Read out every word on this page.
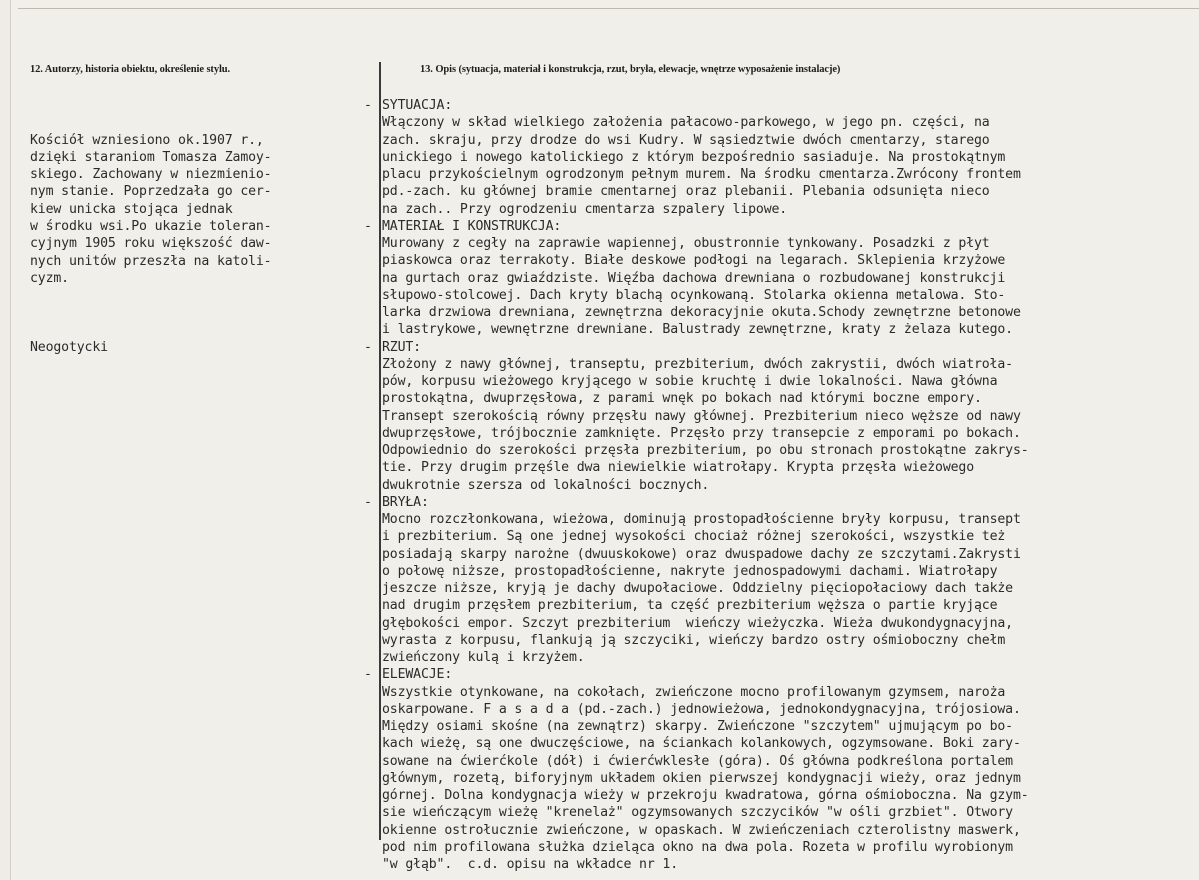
12. Autorzy, historia obiektu, określenie stylu.	13. Opis (sytuacja, materiał i konstrukcja, rzut, bryła, elewacje, wnętrze wyposażenie instalacje)

Kościół wzniesiono ok.1907 r.,
dzięki staraniom Tomasza Zamoy-
skiego. Zachowany w niezmienio-
nym stanie. Poprzedzała go cer-
kiew unicka stojąca jednak
w środku wsi.Po ukazie toleran-
cyjnym 1905 roku większość daw-
nych unitów przeszła na katoli-
cyzm.

Neogotycki

- SYTUACJA:
Włączony w skład wielkiego założenia pałacowo-parkowego, w jego pn. części, na
zach. skraju, przy drodze do wsi Kudry. W sąsiedztwie dwóch cmentarzy, starego
unickiego i nowego katolickiego z którym bezpośrednio sasiaduje. Na prostokątnym
placu przykościelnym ogrodzonym pełnym murem. Na środku cmentarza.Zwrócony frontem
pd.-zach. ku głównej bramie cmentarnej oraz plebanii. Plebania odsunięta nieco
na zach.. Przy ogrodzeniu cmentarza szpalery lipowe.
- MATERIAŁ I KONSTRUKCJA:
Murowany z cegły na zaprawie wapiennej, obustronnie tynkowany. Posadzki z płyt
piaskowca oraz terrakoty. Białe deskowe podłogi na legarach. Sklepienia krzyżowe
na gurtach oraz gwiaździste. Więźba dachowa drewniana o rozbudowanej konstrukcji
słupowo-stolcowej. Dach kryty blachą ocynkowaną. Stolarka okienna metalowa. Sto-
larka drzwiowa drewniana, zewnętrzna dekoracyjnie okuta.Schody zewnętrzne betonowe
i lastrykowe, wewnętrzne drewniane. Balustrady zewnętrzne, kraty z żelaza kutego.
- RZUT:
Złożony z nawy głównej, transeptu, prezbiterium, dwóch zakrystii, dwóch wiatroła-
pów, korpusu wieżowego kryjącego w sobie kruchtę i dwie lokalności. Nawa główna
prostokątna, dwuprzęsłowa, z parami wnęk po bokach nad którymi boczne empory.
Transept szerokością równy przęsłu nawy głównej. Prezbiterium nieco węższe od nawy
dwuprzęsłowe, trójbocznie zamknięte. Przęsło przy transepcie z emporami po bokach.
Odpowiednio do szerokości przęsła prezbiterium, po obu stronach prostokątne zakrys-
tie. Przy drugim przęśle dwa niewielkie wiatrołapy. Krypta przęsła wieżowego
dwukrotnie szersza od lokalności bocznych.
- BRYŁA:
Mocno rozczłonkowana, wieżowa, dominują prostopadłościenne bryły korpusu, transept
i prezbiterium. Są one jednej wysokości chociaż różnej szerokości, wszystkie też
posiadają skarpy narożne (dwuuskokowe) oraz dwuspadowe dachy ze szczytami.Zakrysti
o połowę niższe, prostopadłościenne, nakryte jednospadowymi dachami. Wiatrołapy
jeszcze niższe, kryją je dachy dwupołaciowe. Oddzielny pięciopołaciowy dach także
nad drugim przęsłem prezbiterium, ta część prezbiterium węższa o partie kryjące
głębokości empor. Szczyt prezbiterium  wieńczy wieżyczka. Wieża dwukondygnacyjna,
wyrasta z korpusu, flankują ją szczyciki, wieńczy bardzo ostry ośmioboczny chełm
zwieńczony kulą i krzyżem.
- ELEWACJE:
Wszystkie otynkowane, na cokołach, zwieńczone mocno profilowanym gzymsem, naroża
oskarpowane. F a s a d a (pd.-zach.) jednowieżowa, jednokondygnacyjna, trójosiowa.
Między osiami skośne (na zewnątrz) skarpy. Zwieńczone "szczytem" ujmującym po bo-
kach wieżę, są one dwuczęściowe, na ściankach kolankowych, ogzymsowane. Boki zary-
sowane na ćwierćkole (dół) i ćwierćwklesłe (góra). Oś główna podkreślona portalem
głównym, rozetą, biforyjnym układem okien pierwszej kondygnacji wieży, oraz jednym
górnej. Dolna kondygnacja wieży w przekroju kwadratowa, górna ośmioboczna. Na gzym-
sie wieńczącym wieżę "krenelaż" ogzymsowanych szczycików "w ośli grzbiet". Otwory
okienne ostrołucznie zwieńczone, w opaskach. W zwieńczeniach czterolistny maswerk,
pod nim profilowana służka dzieląca okno na dwa pola. Rozeta w profilu wyrobionym
"w głąb".  c.d. opisu na wkładce nr 1.
